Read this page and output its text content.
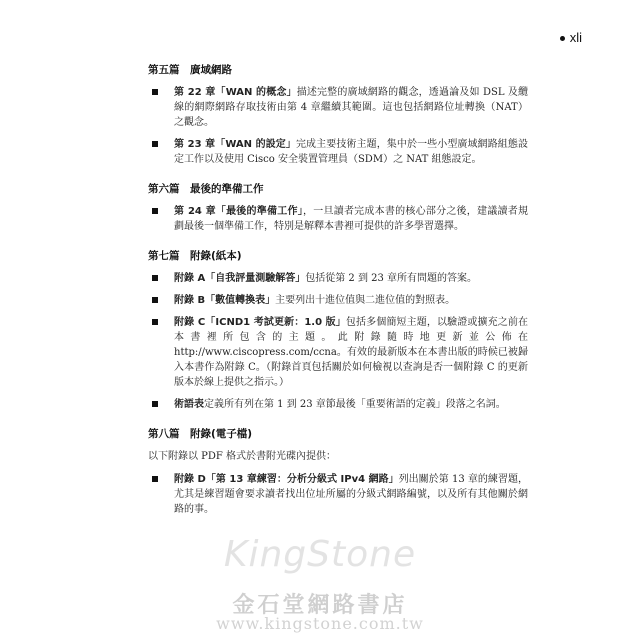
xli
第五篇　廣域網路
第 22 章「WAN 的概念」描述完整的廣域網路的觀念，透過論及如 DSL 及纜線的網際網路存取技術由第 4 章繼續其範圍。這也包括網路位址轉換（NAT）之觀念。
第 23 章「WAN 的設定」完成主要技術主題，集中於一些小型廣域網路組態設定工作以及使用 Cisco 安全裝置管理員（SDM）之 NAT 組態設定。
第六篇　最後的準備工作
第 24 章「最後的準備工作」，一旦讀者完成本書的核心部分之後，建議讀者規劃最後一個準備工作，特別是解釋本書裡可提供的許多學習選擇。
第七篇　附錄(紙本)
附錄 A「自我評量測驗解答」包括從第 2 到 23 章所有問題的答案。
附錄 B「數值轉換表」主要列出十進位值與二進位值的對照表。
附錄 C「ICND1 考試更新：1.0 版」包括多個簡短主題，以驗證或擴充之前在本書裡所包含的主題。此附錄隨時地更新並公佈在 http://www.ciscopress.com/ccna。有效的最新版本在本書出版的時候已被歸入本書作為附錄 C。（附錄首頁包括關於如何檢視以查詢是否一個附錄 C 的更新版本於線上提供之指示。）
術語表定義所有列在第 1 到 23 章節最後「重要術語的定義」段落之名詞。
第八篇　附錄(電子檔)
以下附錄以 PDF 格式於書附光碟內提供：
附錄 D「第 13 章練習：分析分級式 IPv4 網路」列出關於第 13 章的練習題，尤其是練習題會要求讀者找出位址所屬的分級式網路編號，以及所有其他關於網路的事。
KingStone
金石堂網路書店
www.kingstone.com.tw
